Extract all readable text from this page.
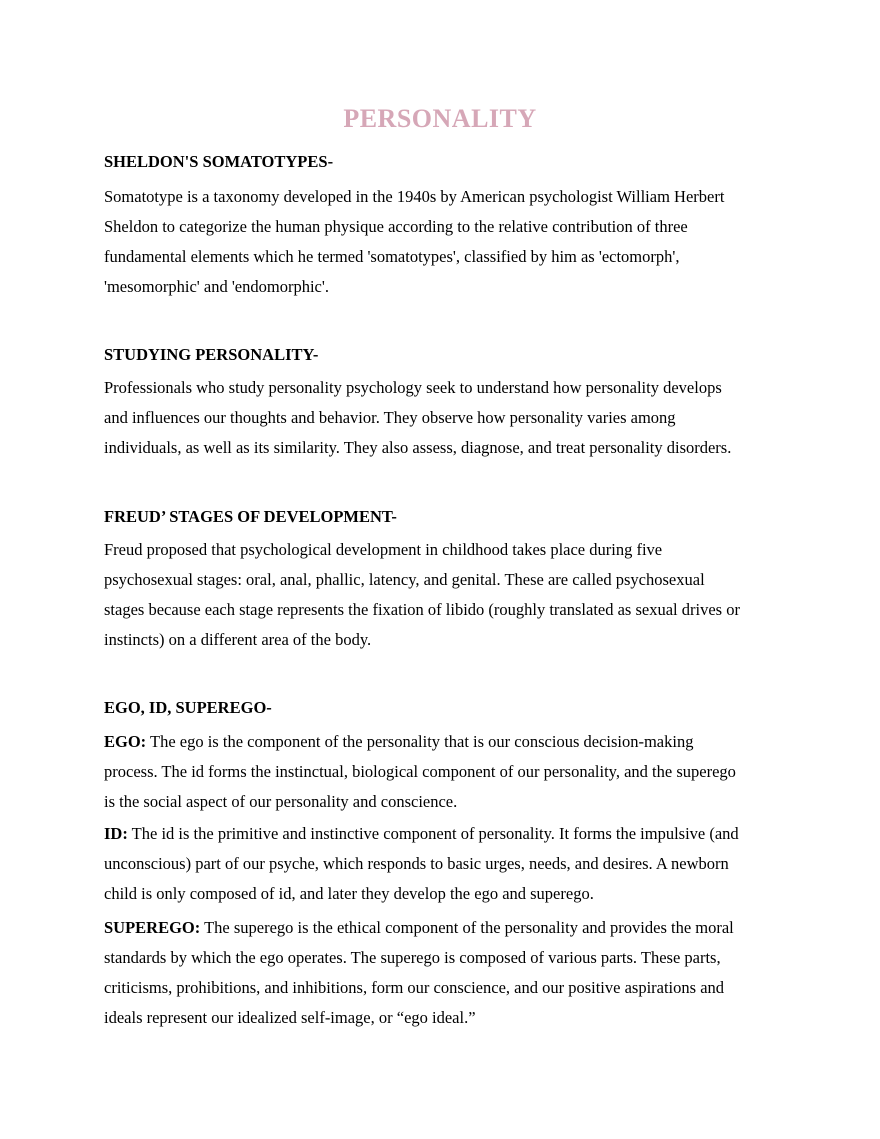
PERSONALITY
SHELDON'S SOMATOTYPES-
Somatotype is a taxonomy developed in the 1940s by American psychologist William Herbert
Sheldon to categorize the human physique according to the relative contribution of three
fundamental elements which he termed 'somatotypes', classified by him as 'ectomorph',
'mesomorphic' and 'endomorphic'.
STUDYING PERSONALITY-
Professionals who study personality psychology seek to understand how personality develops
and influences our thoughts and behavior. They observe how personality varies among
individuals, as well as its similarity. They also assess, diagnose, and treat personality disorders.
FREUD’ STAGES OF DEVELOPMENT-
Freud proposed that psychological development in childhood takes place during five
psychosexual stages: oral, anal, phallic, latency, and genital. These are called psychosexual
stages because each stage represents the fixation of libido (roughly translated as sexual drives or
instincts) on a different area of the body.
EGO, ID, SUPEREGO-
EGO: The ego is the component of the personality that is our conscious decision-making
process. The id forms the instinctual, biological component of our personality, and the superego
is the social aspect of our personality and conscience.
ID: The id is the primitive and instinctive component of personality. It forms the impulsive (and
unconscious) part of our psyche, which responds to basic urges, needs, and desires. A newborn
child is only composed of id, and later they develop the ego and superego.
SUPEREGO: The superego is the ethical component of the personality and provides the moral
standards by which the ego operates. The superego is composed of various parts. These parts,
criticisms, prohibitions, and inhibitions, form our conscience, and our positive aspirations and
ideals represent our idealized self-image, or “ego ideal.”
